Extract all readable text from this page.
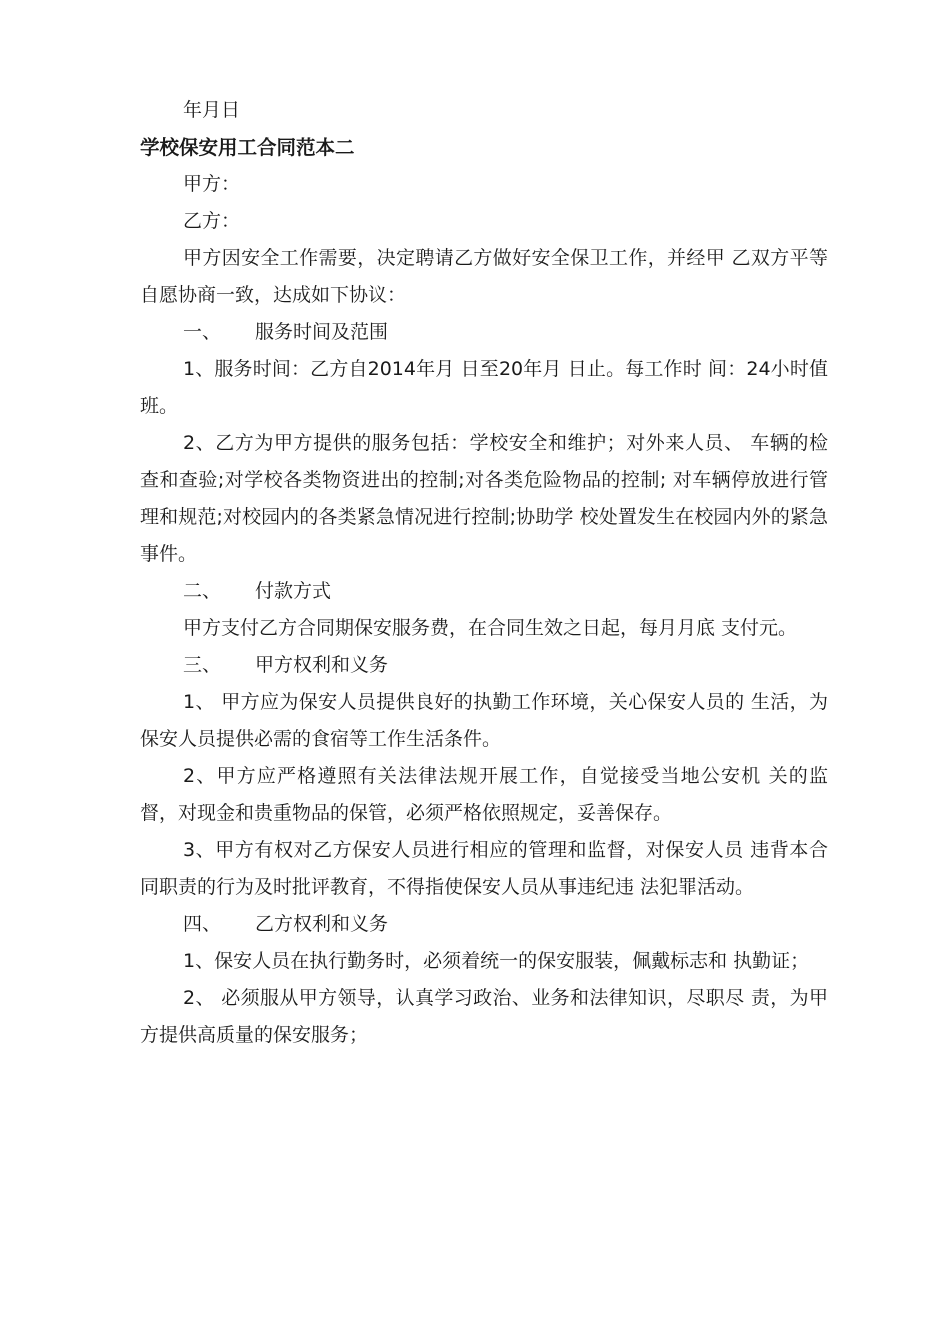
年月日

学校保安用工合同范本二

甲方：

乙方：

甲方因安全工作需要，决定聘请乙方做好安全保卫工作，并经甲 乙双方平等自愿协商一致，达成如下协议：

一、 服务时间及范围

1、服务时间：乙方自2014年月 日至20年月 日止。每工作时 间：24小时值班。

2、乙方为甲方提供的服务包括：学校安全和维护；对外来人员、 车辆的检查和查验;对学校各类物资进出的控制;对各类危险物品的控制; 对车辆停放进行管理和规范;对校园内的各类紧急情况进行控制;协助学 校处置发生在校园内外的紧急事件。

二、 付款方式

甲方支付乙方合同期保安服务费，在合同生效之日起，每月月底 支付元。

三、 甲方权利和义务

1、 甲方应为保安人员提供良好的执勤工作环境，关心保安人员的 生活，为保安人员提供必需的食宿等工作生活条件。

2、甲方应严格遵照有关法律法规开展工作，自觉接受当地公安机 关的监督，对现金和贵重物品的保管，必须严格依照规定，妥善保存。

3、甲方有权对乙方保安人员进行相应的管理和监督，对保安人员 违背本合同职责的行为及时批评教育，不得指使保安人员从事违纪违 法犯罪活动。

四、 乙方权利和义务

1、保安人员在执行勤务时，必须着统一的保安服装，佩戴标志和 执勤证；

2、 必须服从甲方领导，认真学习政治、业务和法律知识，尽职尽 责，为甲方提供高质量的保安服务；
